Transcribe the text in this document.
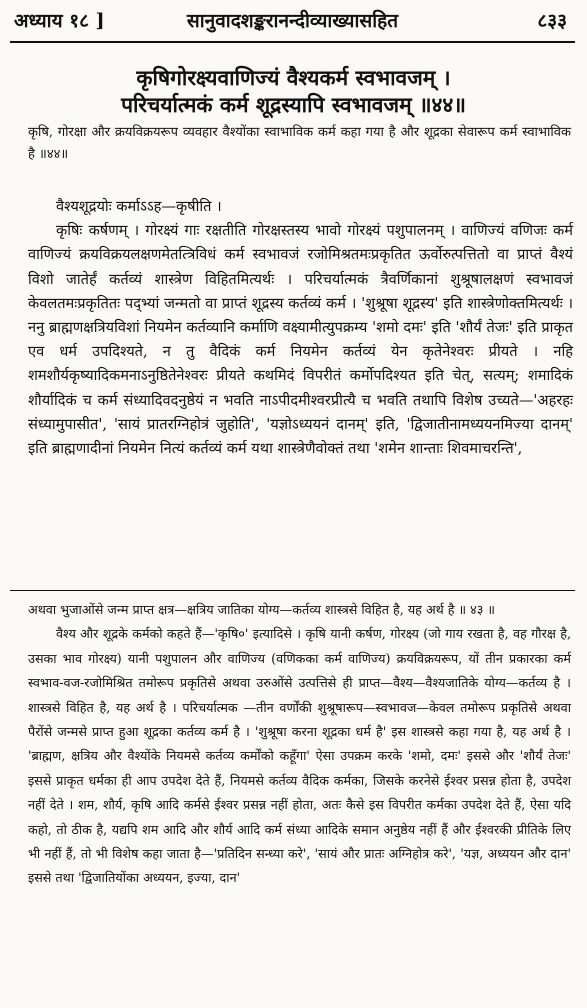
अध्याय १८ ]	सानुवादशङ्करानन्दीव्याख्यासहित	८३३
कृषिगोरक्ष्यवाणिज्यं वैश्यकर्म स्वभावजम् ।
परिचर्यात्मकं कर्म शूद्रस्यापि स्वभावजम् ॥४४॥
कृषि, गोरक्षा और क्रयविक्रयरूप व्यवहार वैश्योंका स्वाभाविक कर्म कहा गया है और शूद्रका सेवारूप कर्म स्वाभाविक है ॥४४॥

वैश्यशूद्रयोः कर्माऽऽह—कृषीति ।

कृषिः कर्षणम् । गोरक्ष्यं गाः रक्षतीति गोरक्षस्तस्य भावो गोरक्ष्यं पशुपालनम् । वाणिज्यं वणिजः कर्म वाणिज्यं क्रयविक्रयलक्षणमेतत्त्रिविधं कर्म स्वभावजं रजोमिश्रतमःप्रकृतित ऊर्वोरुत्पत्तितो वा प्राप्तं वैश्यं विशो जातेर्हं कर्तव्यं शास्त्रेण विहितमित्यर्थः । परिचर्यात्मकं त्रैवर्णिकानां शुश्रूषालक्षणं स्वभावजं केवलतमःप्रकृतितः पद्भ्यां जन्मतो वा प्राप्तं शूद्रस्य कर्तव्यं कर्म । 'शुश्रूषा शूद्रस्य' इति शास्त्रेणोक्तमित्यर्थः । ननु ब्राह्मणक्षत्रियविशां नियमेन कर्तव्यानि कर्माणि वक्ष्यामीत्युपक्रम्य 'शमो दमः' इति 'शौर्यं तेजः' इति प्राकृत एव धर्म उपदिश्यते, न तु वैदिकं कर्म नियमेन कर्तव्यं येन कृतेनेश्वरः प्रीयते । नहि शमशौर्यकृष्यादिकमनाऽनुष्ठितेनेश्वरः प्रीयते कथमिदं विपरीतं कर्मोपदिश्यत इति चेत्, सत्यम्; शमादिकं शौर्यादिकं च कर्म संध्यादिवदनुष्ठेयं न भवति नाऽपीदमीश्वरप्रीत्यै च भवति तथापि विशेष उच्यते—'अहरहः संध्यामुपासीत', 'सायं प्रातरग्निहोत्रं जुहोति', 'यज्ञोऽध्ययनं दानम्' इति, 'द्विजातीनामध्ययनमिज्या दानम्' इति ब्राह्मणादीनां नियमेन नित्यं कर्तव्यं कर्म यथा शास्त्रेणैवोक्तं तथा 'शमेन शान्ताः शिवमाचरन्ति',

अथवा भुजाओंसे जन्म प्राप्त क्षत्र—क्षत्रिय जातिका योग्य—कर्तव्य शास्त्रसे विहित है, यह अर्थ है ॥ ४३ ॥

वैश्य और शूद्रके कर्मको कहते हैं—'कृषि०' इत्यादिसे । कृषि यानी कर्षण, गोरक्ष्य (जो गाय रखता है, वह गौरक्ष है, उसका भाव गोरक्ष्य) यानी पशुपालन और वाणिज्य (वणिकका कर्म वाणिज्य) क्रयविक्रयरूप, यों तीन प्रकारका कर्म स्वभाव-वज-रजोमिश्रित तमोरूप प्रकृतिसे अथवा उरुओंसे उत्पत्तिसे ही प्राप्त—वैश्य—वैश्यजातिके योग्य—कर्तव्य है । शास्त्रसे विहित है, यह अर्थ है । परिचर्यात्मक —तीन वर्णोंकी शुश्रूषारूप—स्वभावज—केवल तमोरूप प्रकृतिसे अथवा पैरोंसे जन्मसे प्राप्त हुआ शूद्रका कर्तव्य कर्म है । 'शुश्रूषा करना शूद्रका धर्म है' इस शास्त्रसे कहा गया है, यह अर्थ है । 'ब्राह्मण, क्षत्रिय और वैश्योंके नियमसे कर्तव्य कर्मोंको कहूँगा' ऐसा उपक्रम करके 'शमो, दमः' इससे और 'शौर्यं तेजः' इससे प्राकृत धर्मका ही आप उपदेश देते हैं, नियमसे कर्तव्य वैदिक कर्मका, जिसके करनेसे ईश्वर प्रसन्न होता है, उपदेश नहीं देते । शम, शौर्य, कृषि आदि कर्मसे ईश्वर प्रसन्न नहीं होता, अतः कैसे इस विपरीत कर्मका उपदेश देते हैं, ऐसा यदि कहो, तो ठीक है, यद्यपि शम आदि और शौर्य आदि कर्म संध्या आदिके समान अनुष्ठेय नहीं हैं और ईश्वरकी प्रीतिके लिए भी नहीं हैं, तो भी विशेष कहा जाता है—'प्रतिदिन सन्ध्या करे', 'सायं और प्रातः अग्निहोत्र करे', 'यज्ञ, अध्ययन और दान' इससे तथा 'द्विजातियोंका अध्ययन, इज्या, दान'
